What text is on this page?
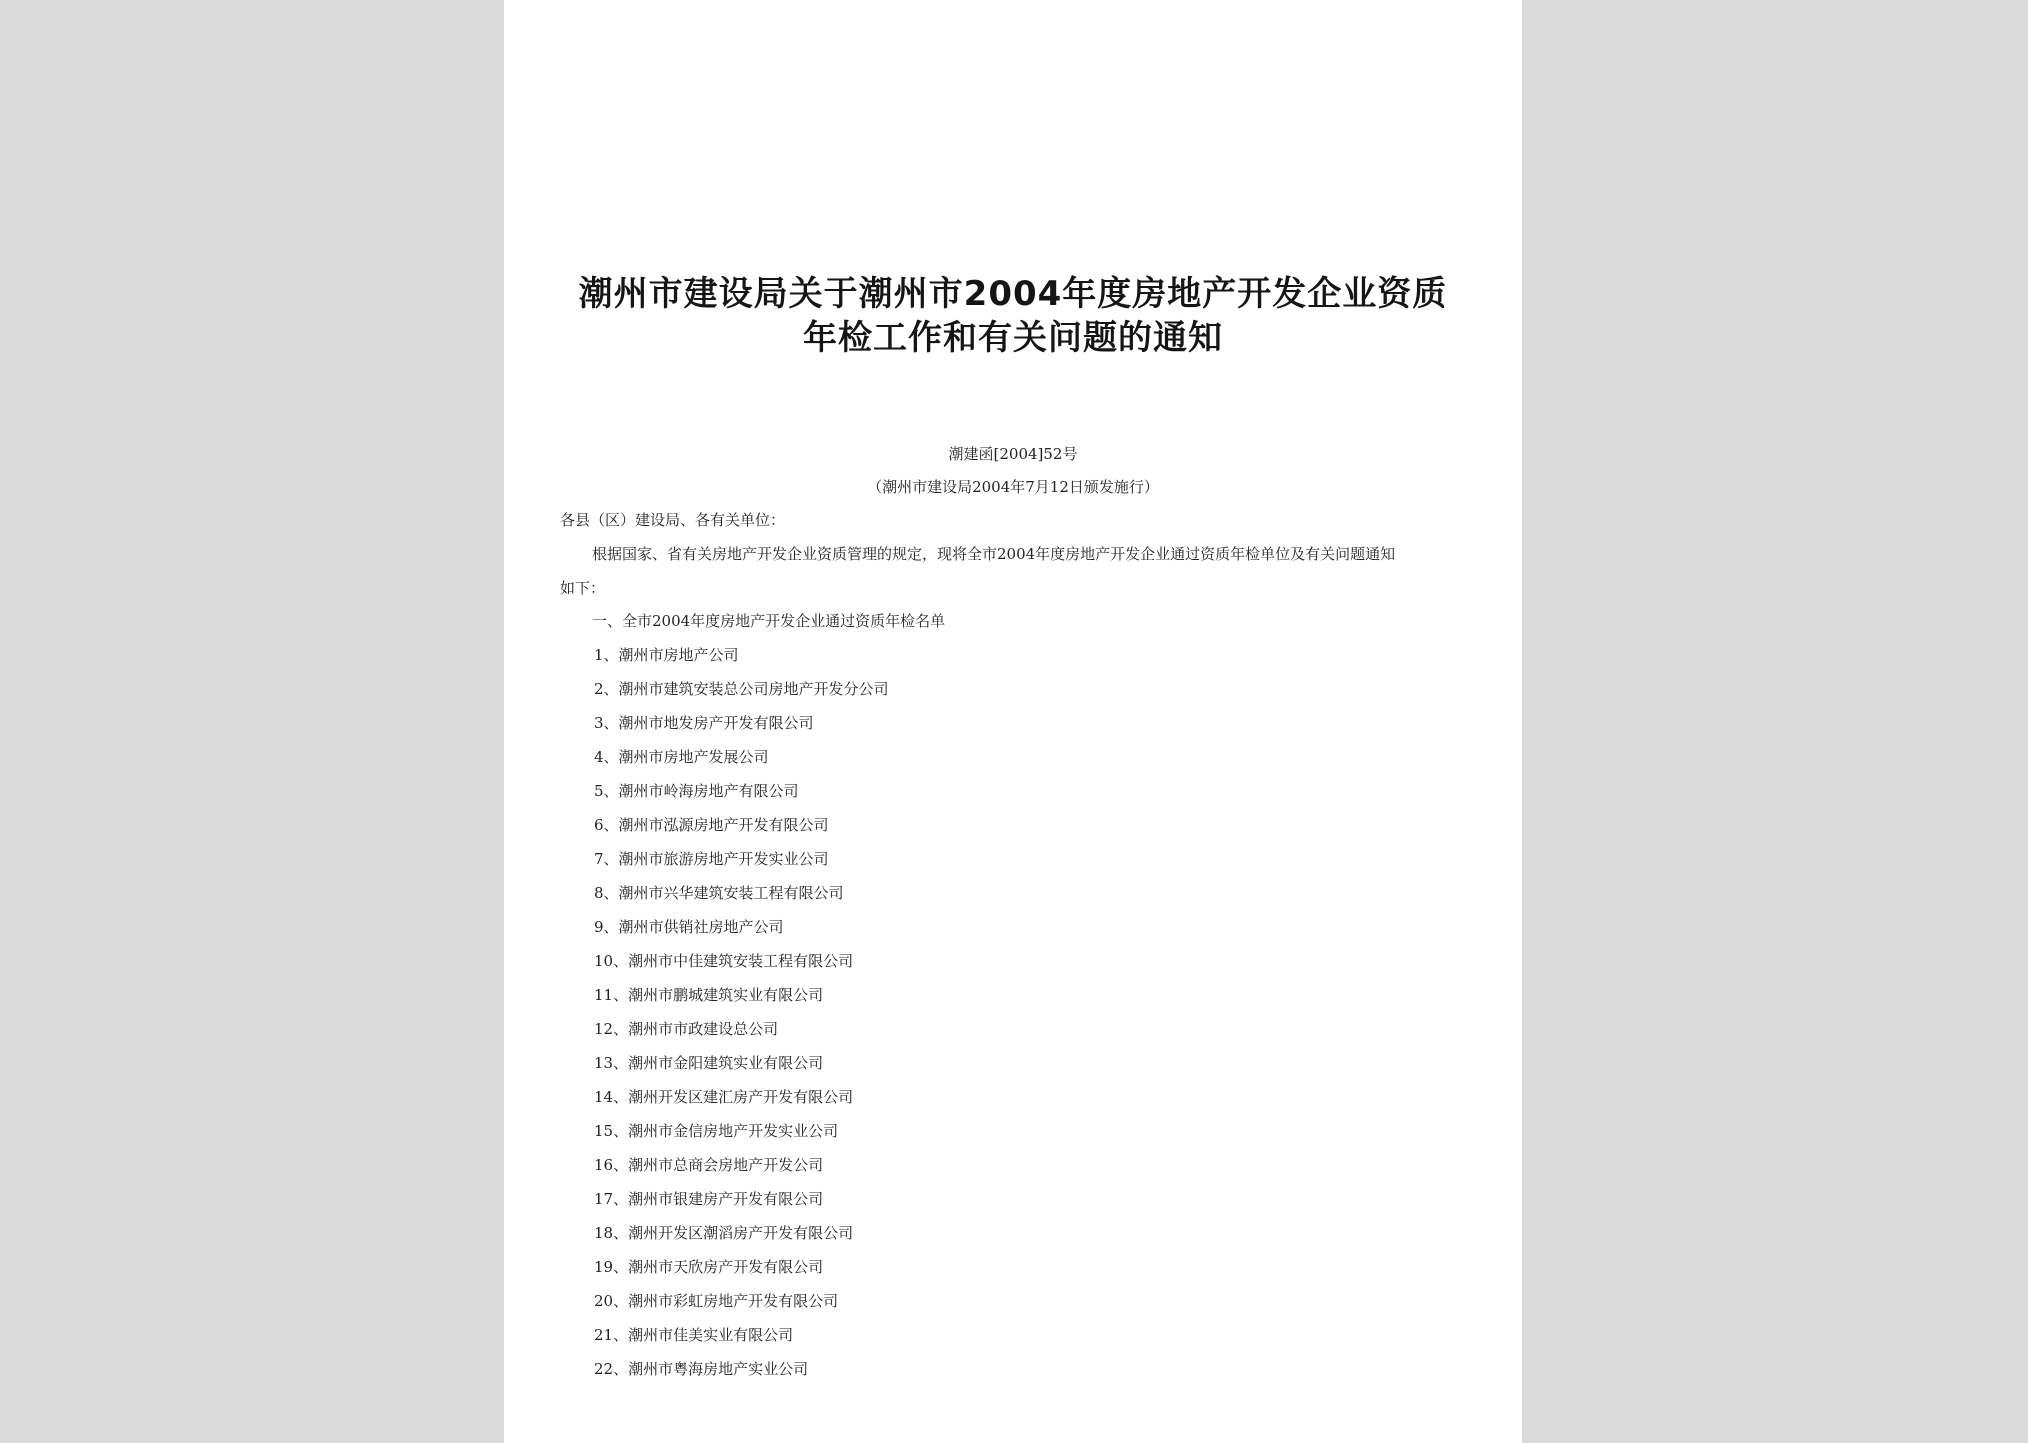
潮州市建设局关于潮州市2004年度房地产开发企业资质
年检工作和有关问题的通知
潮建函[2004]52号
（潮州市建设局2004年7月12日颁发施行）
各县（区）建设局、各有关单位：
根据国家、省有关房地产开发企业资质管理的规定，现将全市2004年度房地产开发企业通过资质年检单位及有关问题通知
如下：
一、全市2004年度房地产开发企业通过资质年检名单
1、潮州市房地产公司
2、潮州市建筑安装总公司房地产开发分公司
3、潮州市地发房产开发有限公司
4、潮州市房地产发展公司
5、潮州市岭海房地产有限公司
6、潮州市泓源房地产开发有限公司
7、潮州市旅游房地产开发实业公司
8、潮州市兴华建筑安装工程有限公司
9、潮州市供销社房地产公司
10、潮州市中佳建筑安装工程有限公司
11、潮州市鹏城建筑实业有限公司
12、潮州市市政建设总公司
13、潮州市金阳建筑实业有限公司
14、潮州开发区建汇房产开发有限公司
15、潮州市金信房地产开发实业公司
16、潮州市总商会房地产开发公司
17、潮州市银建房产开发有限公司
18、潮州开发区潮滔房产开发有限公司
19、潮州市天欣房产开发有限公司
20、潮州市彩虹房地产开发有限公司
21、潮州市佳美实业有限公司
22、潮州市粤海房地产实业公司
